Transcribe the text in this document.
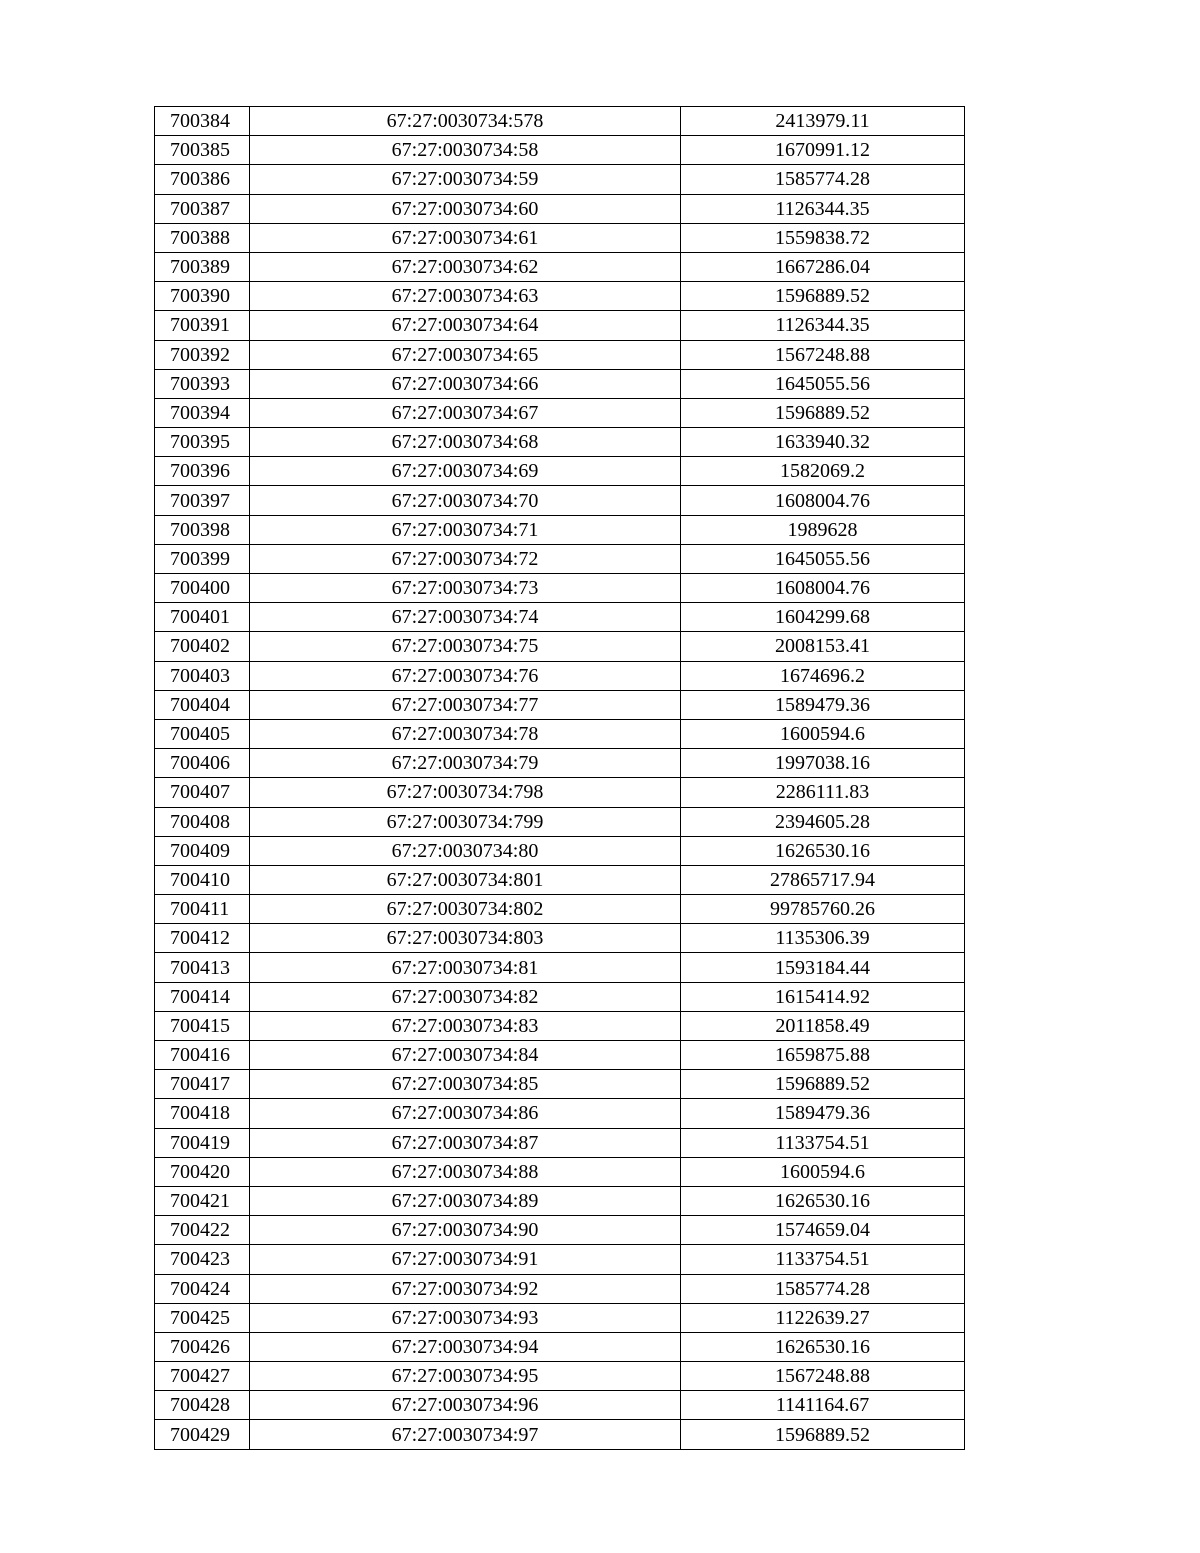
700384	67:27:0030734:578	2413979.11
700385	67:27:0030734:58	1670991.12
700386	67:27:0030734:59	1585774.28
700387	67:27:0030734:60	1126344.35
700388	67:27:0030734:61	1559838.72
700389	67:27:0030734:62	1667286.04
700390	67:27:0030734:63	1596889.52
700391	67:27:0030734:64	1126344.35
700392	67:27:0030734:65	1567248.88
700393	67:27:0030734:66	1645055.56
700394	67:27:0030734:67	1596889.52
700395	67:27:0030734:68	1633940.32
700396	67:27:0030734:69	1582069.2
700397	67:27:0030734:70	1608004.76
700398	67:27:0030734:71	1989628
700399	67:27:0030734:72	1645055.56
700400	67:27:0030734:73	1608004.76
700401	67:27:0030734:74	1604299.68
700402	67:27:0030734:75	2008153.41
700403	67:27:0030734:76	1674696.2
700404	67:27:0030734:77	1589479.36
700405	67:27:0030734:78	1600594.6
700406	67:27:0030734:79	1997038.16
700407	67:27:0030734:798	2286111.83
700408	67:27:0030734:799	2394605.28
700409	67:27:0030734:80	1626530.16
700410	67:27:0030734:801	27865717.94
700411	67:27:0030734:802	99785760.26
700412	67:27:0030734:803	1135306.39
700413	67:27:0030734:81	1593184.44
700414	67:27:0030734:82	1615414.92
700415	67:27:0030734:83	2011858.49
700416	67:27:0030734:84	1659875.88
700417	67:27:0030734:85	1596889.52
700418	67:27:0030734:86	1589479.36
700419	67:27:0030734:87	1133754.51
700420	67:27:0030734:88	1600594.6
700421	67:27:0030734:89	1626530.16
700422	67:27:0030734:90	1574659.04
700423	67:27:0030734:91	1133754.51
700424	67:27:0030734:92	1585774.28
700425	67:27:0030734:93	1122639.27
700426	67:27:0030734:94	1626530.16
700427	67:27:0030734:95	1567248.88
700428	67:27:0030734:96	1141164.67
700429	67:27:0030734:97	1596889.52
